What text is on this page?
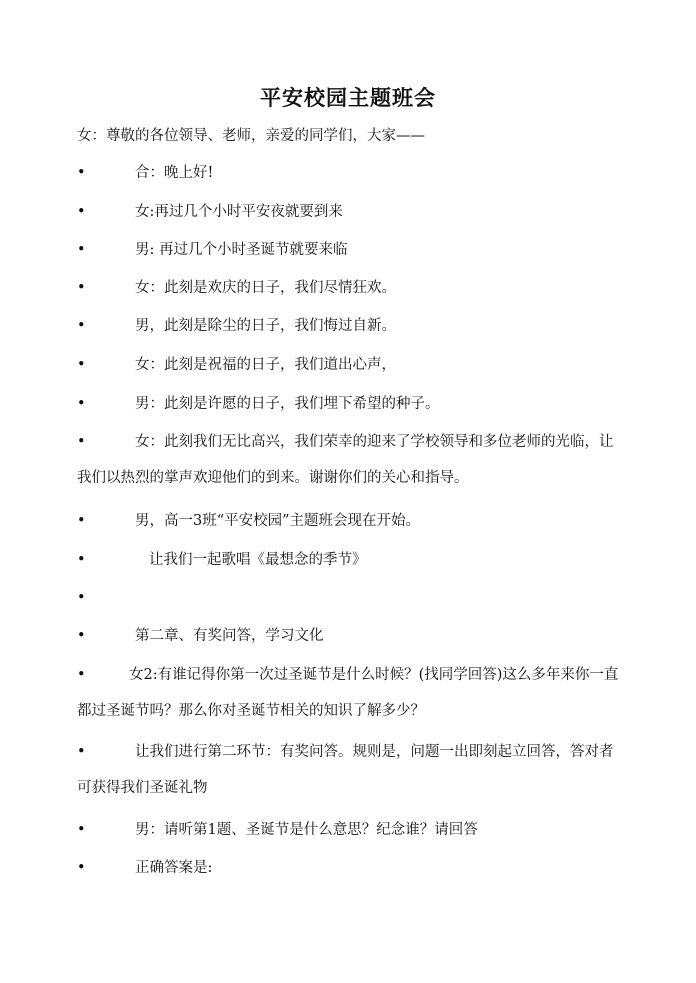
平安校园主题班会
女：尊敬的各位领导、老师，亲爱的同学们，大家——
•	合：晚上好!
•	女:再过几个小时平安夜就要到来
•	男: 再过几个小时圣诞节就要来临
•	女：此刻是欢庆的日子，我们尽情狂欢。
•	男，此刻是除尘的日子，我们悔过自新。
•	女：此刻是祝福的日子，我们道出心声，
•	男：此刻是许愿的日子，我们埋下希望的种子。
•	女：此刻我们无比高兴，我们荣幸的迎来了学校领导和多位老师的光临，让我们以热烈的掌声欢迎他们的到来。谢谢你们的关心和指导。
•	男，高一3班“平安校园”主题班会现在开始。
•	让我们一起歌唱《最想念的季节》
•
•	第二章、有奖问答，学习文化
•	女2:有谁记得你第一次过圣诞节是什么时候？(找同学回答)这么多年来你一直都过圣诞节吗？那么你对圣诞节相关的知识了解多少？
•	让我们进行第二环节：有奖问答。规则是，问题一出即刻起立回答，答对者可获得我们圣诞礼物
•	男：请听第1题、圣诞节是什么意思？纪念谁？请回答
•	正确答案是:
